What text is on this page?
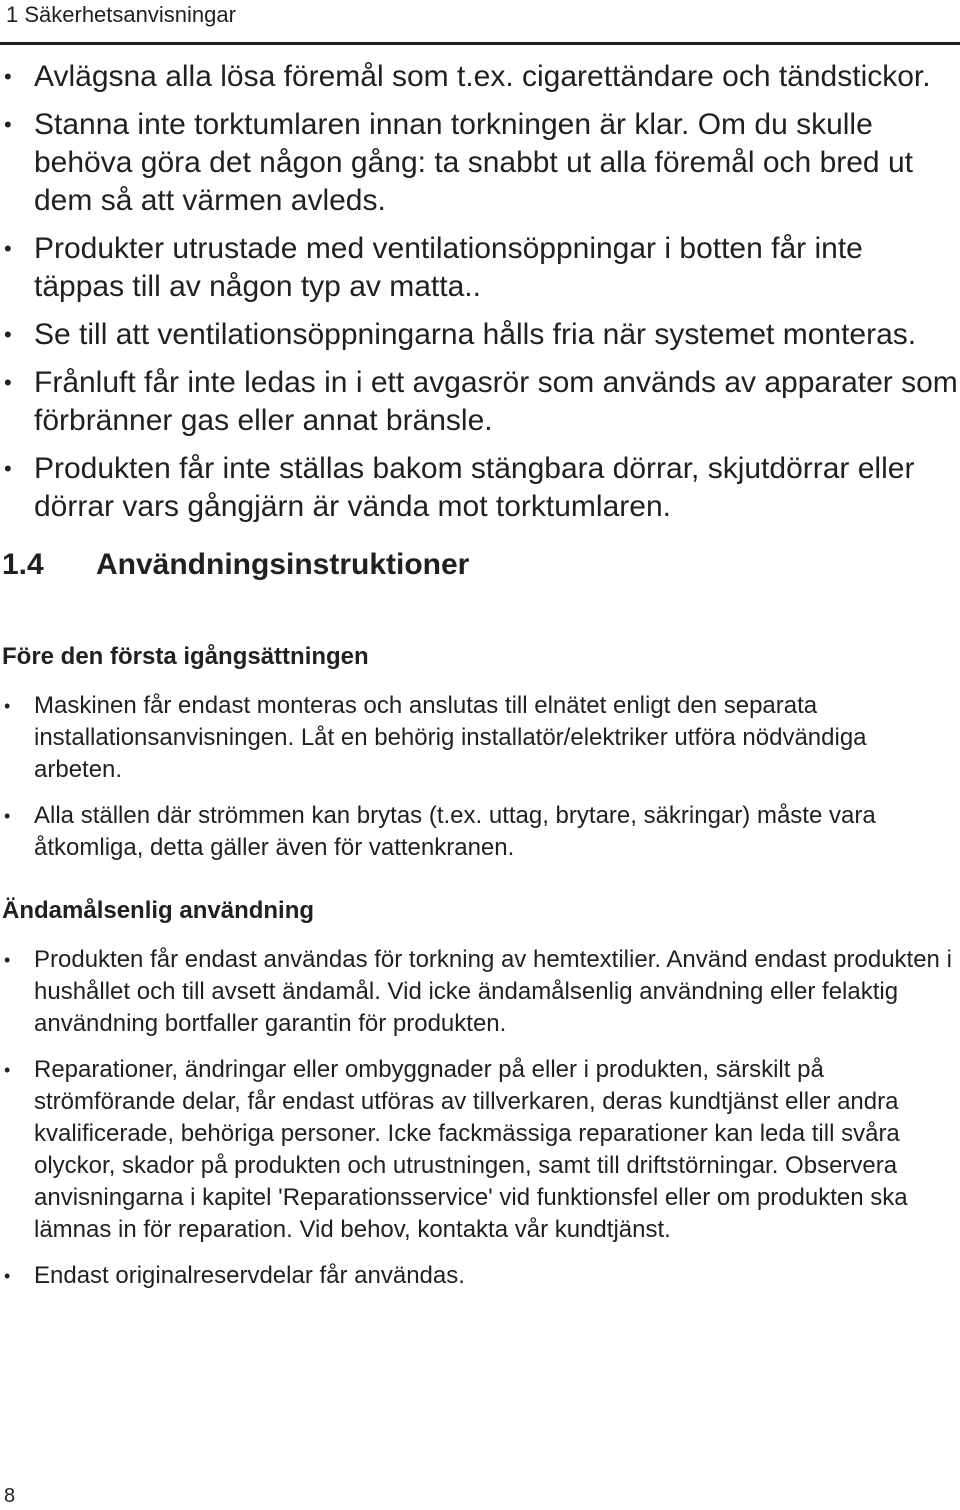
1 Säkerhetsanvisningar
• Avlägsna alla lösa föremål som t.ex. cigarettändare och tändstickor.
• Stanna inte torktumlaren innan torkningen är klar. Om du skulle behöva göra det någon gång: ta snabbt ut alla föremål och bred ut dem så att värmen avleds.
• Produkter utrustade med ventilationsöppningar i botten får inte täppas till av någon typ av matta..
• Se till att ventilationsöppningarna hålls fria när systemet monteras.
• Frånluft får inte ledas in i ett avgasrör som används av apparater som förbränner gas eller annat bränsle.
• Produkten får inte ställas bakom stängbara dörrar, skjutdörrar eller dörrar vars gångjärn är vända mot torktumlaren.
1.4	Användningsinstruktioner
Före den första igångsättningen
• Maskinen får endast monteras och anslutas till elnätet enligt den separata installationsanvisningen. Låt en behörig installatör/elektriker utföra nödvändiga arbeten.
• Alla ställen där strömmen kan brytas (t.ex. uttag, brytare, säkringar) måste vara åtkomliga, detta gäller även för vattenkranen.
Ändamålsenlig användning
• Produkten får endast användas för torkning av hemtextilier. Använd endast produkten i hushållet och till avsett ändamål. Vid icke ändamålsenlig användning eller felaktig användning bortfaller garantin för produkten.
• Reparationer, ändringar eller ombyggnader på eller i produkten, särskilt på strömförande delar, får endast utföras av tillverkaren, deras kundtjänst eller andra kvalificerade, behöriga personer. Icke fackmässiga reparationer kan leda till svåra olyckor, skador på produkten och utrustningen, samt till driftstörningar. Observera anvisningarna i kapitel 'Reparationsservice' vid funktionsfel eller om produkten ska lämnas in för reparation. Vid behov, kontakta vår kundtjänst.
• Endast originalreservdelar får användas.
8
